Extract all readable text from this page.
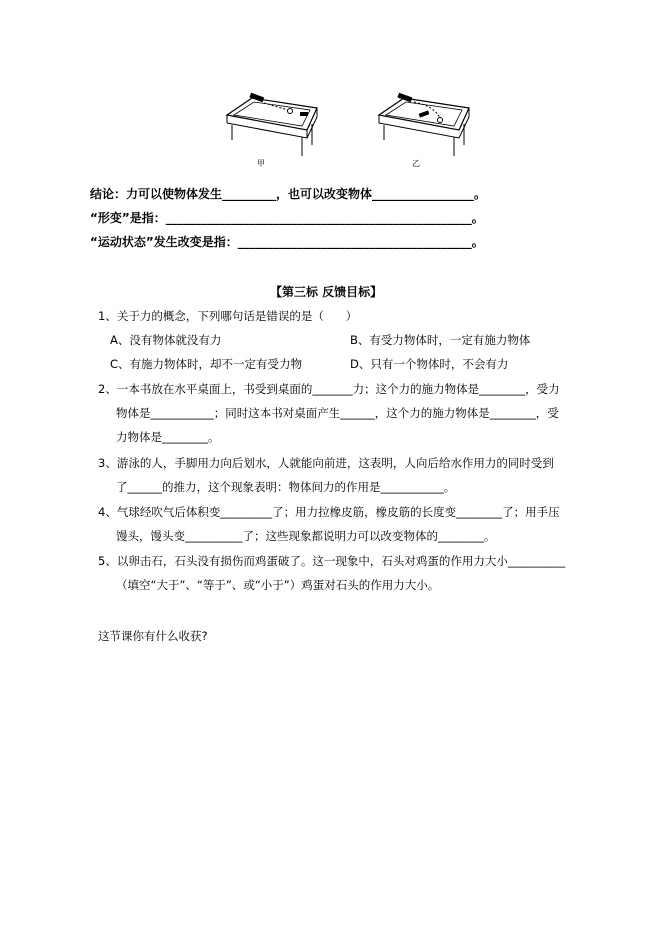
甲	乙
结论：力可以使物体发生_________，也可以改变物体_________________。
“形变”是指：___________________________________________________。
“运动状态”发生改变是指：_______________________________________。
【第三标 反馈目标】
1、关于力的概念，下列哪句话是错误的是（      ）
A、没有物体就没有力	B、有受力物体时，一定有施力物体
C、有施力物体时，却不一定有受力物	D、只有一个物体时，不会有力
2、一本书放在水平桌面上，书受到桌面的_______力；这个力的施力物体是________，受力
物体是___________；同时这本书对桌面产生______，这个力的施力物体是________，受
力物体是________。
3、游泳的人，手脚用力向后划水，人就能向前进，这表明，人向后给水作用力的同时受到
了______的推力，这个现象表明：物体间力的作用是___________。
4、气球经吹气后体积变_________了；用力拉橡皮筋，橡皮筋的长度变________了；用手压
馒头，馒头变__________了；这些现象都说明力可以改变物体的________。
5、以卵击石，石头没有损伤而鸡蛋破了。这一现象中，石头对鸡蛋的作用力大小__________
（填空“大于”、“等于”、或“小于”）鸡蛋对石头的作用力大小。
这节课你有什么收获?
